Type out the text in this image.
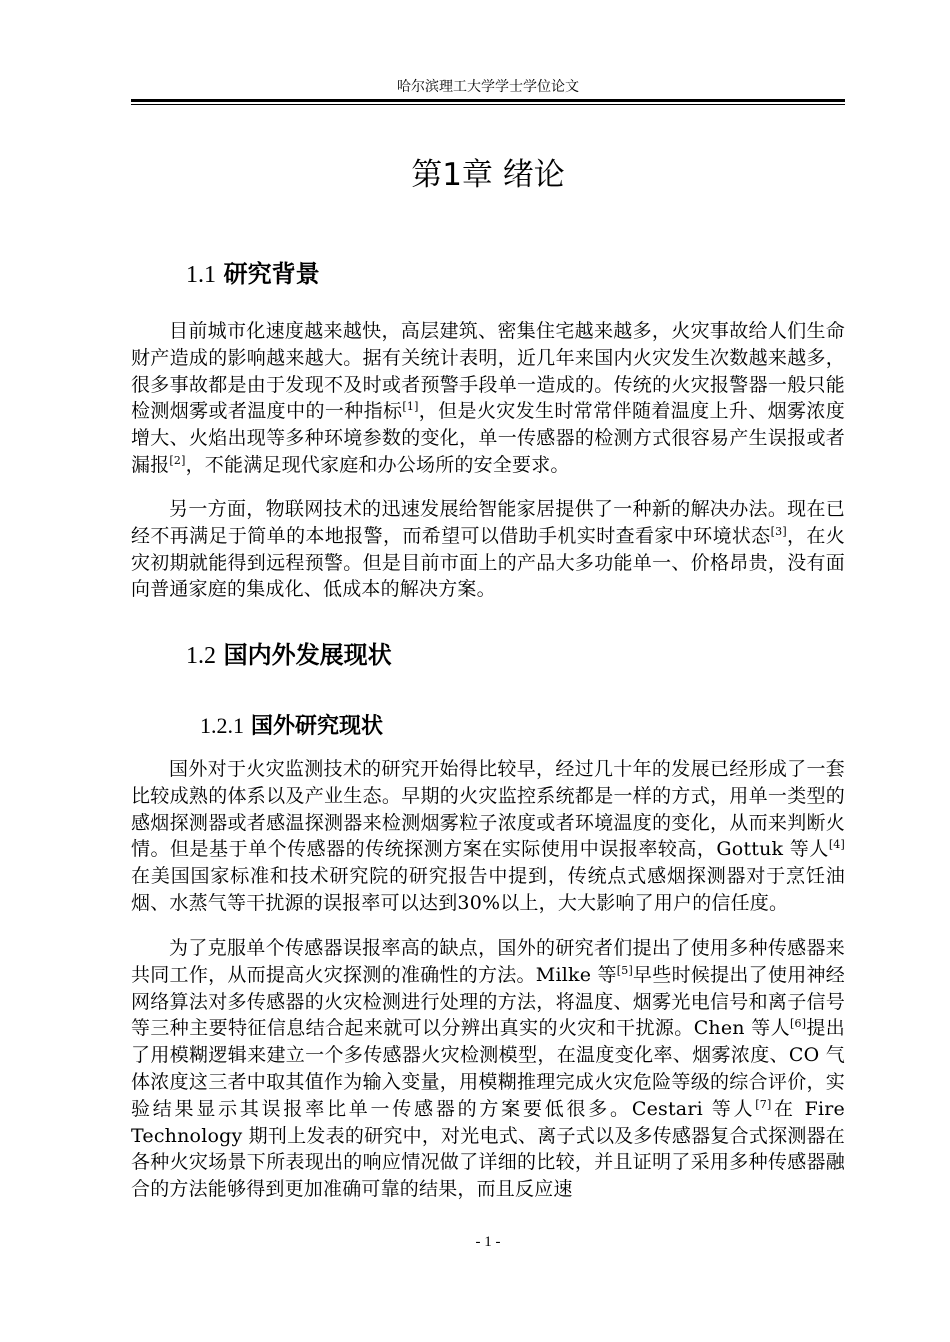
哈尔滨理工大学学士学位论文
第1章 绪论
1.1 研究背景

目前城市化速度越来越快，高层建筑、密集住宅越来越多，火灾事故给人们生命财产造成的影响越来越大。据有关统计表明，近几年来国内火灾发生次数越来越多，很多事故都是由于发现不及时或者预警手段单一造成的。传统的火灾报警器一般只能检测烟雾或者温度中的一种指标[1]，但是火灾发生时常常伴随着温度上升、烟雾浓度增大、火焰出现等多种环境参数的变化，单一传感器的检测方式很容易产生误报或者漏报[2]，不能满足现代家庭和办公场所的安全要求。

另一方面，物联网技术的迅速发展给智能家居提供了一种新的解决办法。现在已经不再满足于简单的本地报警，而希望可以借助手机实时查看家中环境状态[3]，在火灾初期就能得到远程预警。但是目前市面上的产品大多功能单一、价格昂贵，没有面向普通家庭的集成化、低成本的解决方案。

1.2 国内外发展现状
1.2.1 国外研究现状

国外对于火灾监测技术的研究开始得比较早，经过几十年的发展已经形成了一套比较成熟的体系以及产业生态。早期的火灾监控系统都是一样的方式，用单一类型的感烟探测器或者感温探测器来检测烟雾粒子浓度或者环境温度的变化，从而来判断火情。但是基于单个传感器的传统探测方案在实际使用中误报率较高，Gottuk 等人[4]在美国国家标准和技术研究院的研究报告中提到，传统点式感烟探测器对于烹饪油烟、水蒸气等干扰源的误报率可以达到30%以上，大大影响了用户的信任度。

为了克服单个传感器误报率高的缺点，国外的研究者们提出了使用多种传感器来共同工作，从而提高火灾探测的准确性的方法。Milke 等[5]早些时候提出了使用神经网络算法对多传感器的火灾检测进行处理的方法，将温度、烟雾光电信号和离子信号等三种主要特征信息结合起来就可以分辨出真实的火灾和干扰源。Chen 等人[6]提出了用模糊逻辑来建立一个多传感器火灾检测模型，在温度变化率、烟雾浓度、CO 气体浓度这三者中取其值作为输入变量，用模糊推理完成火灾危险等级的综合评价，实验结果显示其误报率比单一传感器的方案要低很多。Cestari 等人[7]在 Fire Technology 期刊上发表的研究中，对光电式、离子式以及多传感器复合式探测器在各种火灾场景下所表现出的响应情况做了详细的比较，并且证明了采用多种传感器融合的方法能够得到更加准确可靠的结果，而且反应速

- 1 -
